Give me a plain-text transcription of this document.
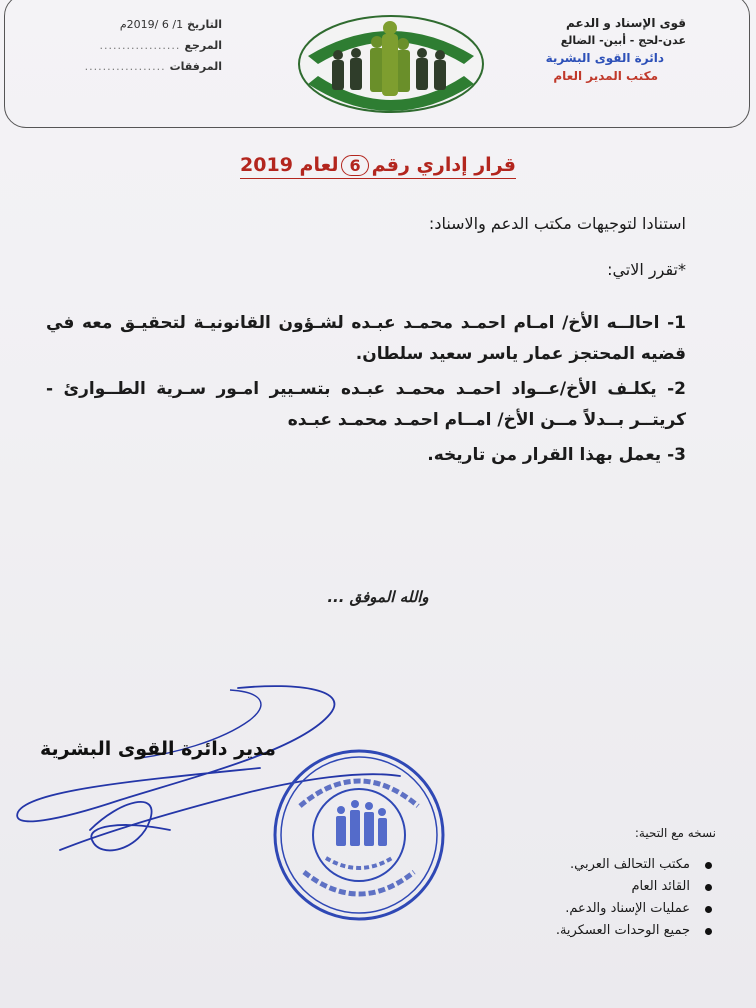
قوى الإسناد و الدعم
عدن-لحج - أبين- الضالع
دائرة القوى البشرية
مكتب المدير العام
التاريخ
1/ 6 /2019م
المرجع
..................
المرفقات
..................
قرار إداري رقم6لعام 2019
استنادا لتوجيهات مكتب الدعم والاسناد:
*تقرر الاتي:
1- احالــه الأخ/ امـام احمـد محمـد عبـده لشـؤون القانونيـة لتحقيـق معه في قضيه المحتجز عمار ياسر سعيد سلطان.
2- يكلـف الأخ/عــواد احمـد محمـد عبـده بتسـيير امـور سـرية الطــوارئ - كريتــر بــدلاً مــن الأخ/ امــام احمـد محمـد عبـده
3- يعمل بهذا القرار من تاريخه.
والله الموفق ...
مدير دائرة القوى البشرية
نسخه مع التحية:
مكتب التحالف العربي.
القائد العام
عمليات الإسناد والدعم.
جميع الوحدات العسكرية.
